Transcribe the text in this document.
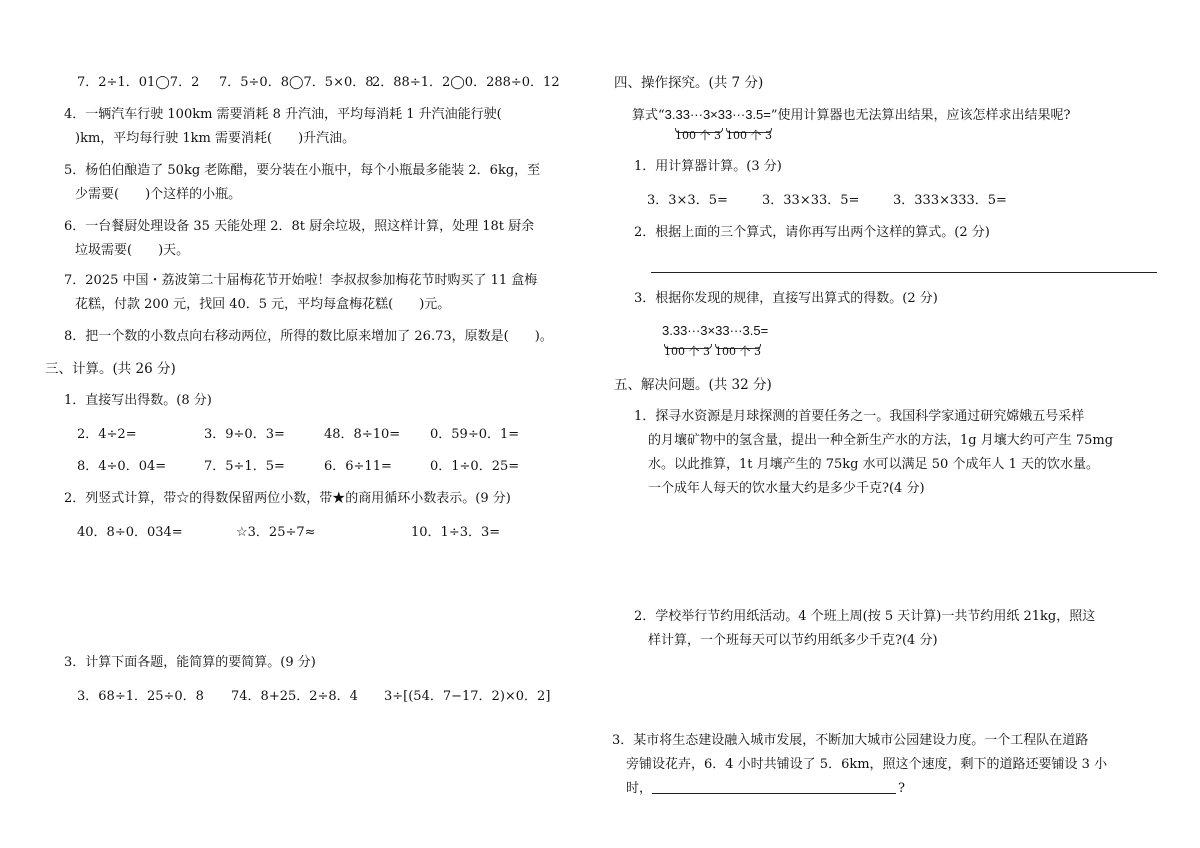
7．2÷1．01◯7．2 7．5÷0．8◯7．5×0．8
2．88÷1．2◯0．288÷0．12
4．一辆汽车行驶 100km 需要消耗 8 升汽油，平均每消耗 1 升汽油能行驶(
)km，平均每行驶 1km 需要消耗(　　)升汽油。
5．杨伯伯酿造了 50kg 老陈醋，要分装在小瓶中，每个小瓶最多能装 2．6kg，至
少需要(　　)个这样的小瓶。
6．一台餐厨处理设备 35 天能处理 2．8t 厨余垃圾，照这样计算，处理 18t 厨余
垃圾需要(　　)天。
7．2025 中国・荔波第二十届梅花节开始啦！李叔叔参加梅花节时购买了 11 盒梅
花糕，付款 200 元，找回 40．5 元，平均每盒梅花糕(　　)元。
8．把一个数的小数点向右移动两位，所得的数比原来增加了 26.73，原数是(　　)。
三、计算。(共 26 分)
1．直接写出得数。(8 分)
2．4÷2=	3．9÷0．3=	48．8÷10= 0．59÷0．1=
8．4÷0．04=	7．5÷1．5=	6．6÷11=	0．1÷0．25=
2．列竖式计算，带☆的得数保留两位小数，带★的商用循环小数表示。(9 分)
40．8÷0．034=	☆3．25÷7≈	10．1÷3．3=
3．计算下面各题，能简算的要简算。(9 分)
3．68÷1．25÷0．8 74．8+25．2÷8．4 3÷[(54．7−17．2)×0．2]
四、操作探究。(共 7 分)
算式“3.33···3×33···3.5=”使用计算器也无法算出结果，应该怎样求出结果呢?
100 个 3 100 个 3
1．用计算器计算。(3 分)
3．3×3．5=	3．33×33．5=	3．333×333．5=
2．根据上面的三个算式，请你再写出两个这样的算式。(2 分)
3．根据你发现的规律，直接写出算式的得数。(2 分)
3.33···3×33···3.5=
100 个 3 100 个 3
五、解决问题。(共 32 分)
1．探寻水资源是月球探测的首要任务之一。我国科学家通过研究嫦娥五号采样
的月壤矿物中的氢含量，提出一种全新生产水的方法，1g 月壤大约可产生 75mg
水。以此推算，1t 月壤产生的 75kg 水可以满足 50 个成年人 1 天的饮水量。
一个成年人每天的饮水量大约是多少千克?(4 分)
2．学校举行节约用纸活动。4 个班上周(按 5 天计算)一共节约用纸 21kg，照这
样计算，一个班每天可以节约用纸多少千克?(4 分)
3．某市将生态建设融入城市发展，不断加大城市公园建设力度。一个工程队在道路
旁铺设花卉，6．4 小时共铺设了 5．6km，照这个速度，剩下的道路还要铺设 3 小
时，	?
